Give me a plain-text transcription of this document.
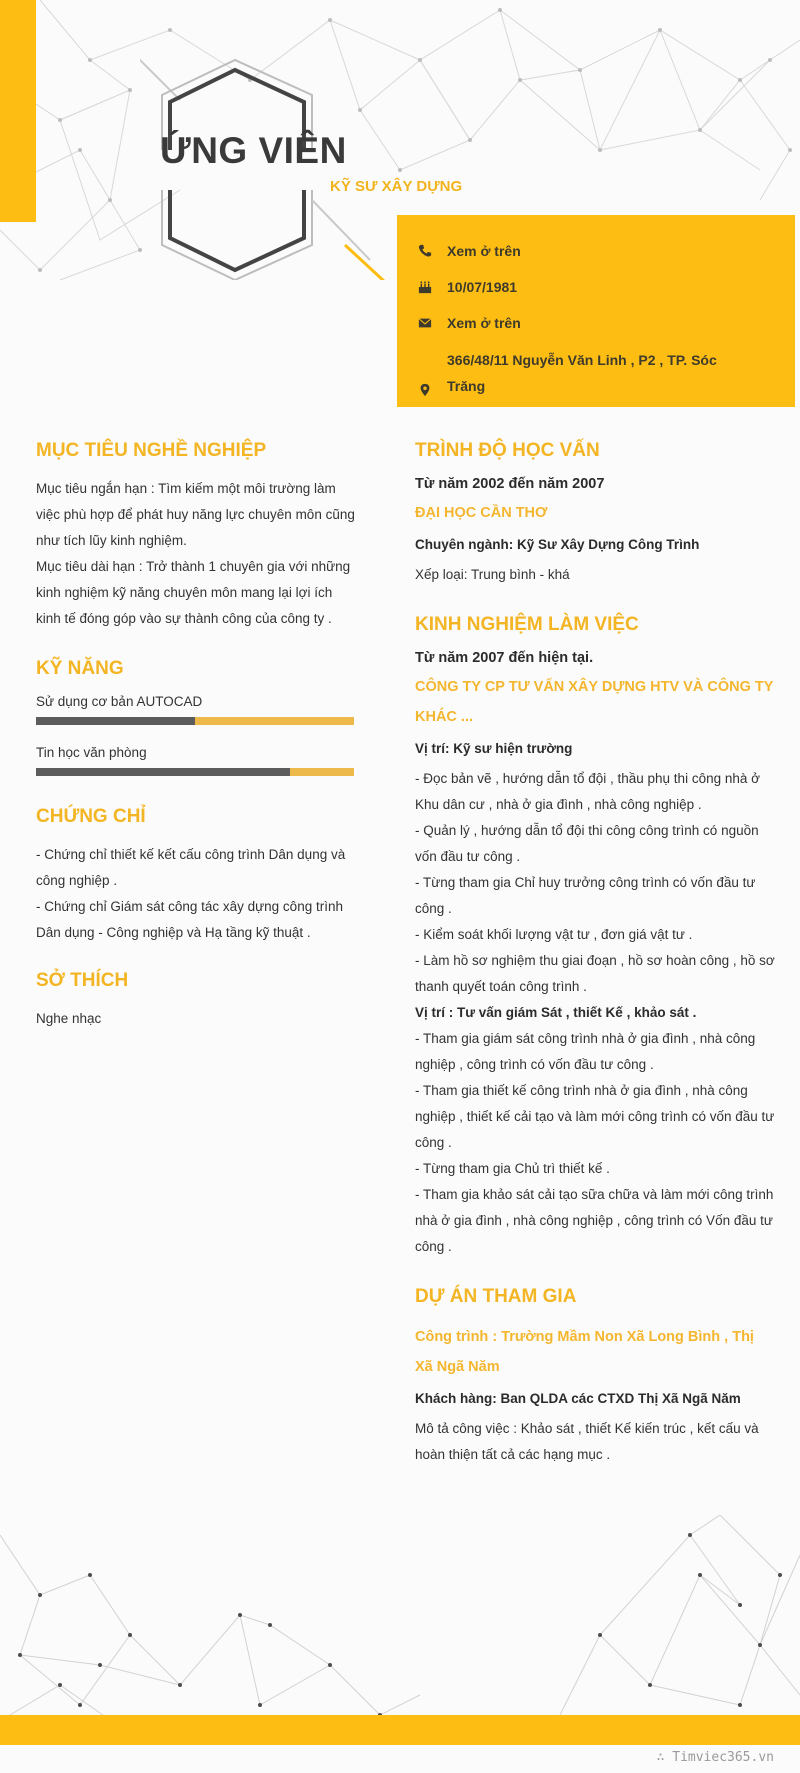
ỨNG VIÊN
KỸ SƯ XÂY DỰNG
Xem ở trên
10/07/1981
Xem ở trên
366/48/11 Nguyễn Văn Linh , P2 , TP. Sóc Trăng
MỤC TIÊU NGHỀ NGHIỆP
Mục tiêu ngắn hạn : Tìm kiếm một môi trường làm việc phù hợp để phát huy năng lực chuyên môn cũng như tích lũy kinh nghiệm.
Mục tiêu dài hạn : Trở thành 1 chuyên gia với những kinh nghiệm kỹ năng chuyên môn mang lại lợi ích kinh tế đóng góp vào sự thành công của công ty .
KỸ NĂNG
Sử dụng cơ bản AUTOCAD
Tin học văn phòng
CHỨNG CHỈ
- Chứng chỉ thiết kế kết cấu công trình Dân dụng và công nghiệp .
- Chứng chỉ Giám sát công tác xây dựng công trình Dân dụng - Công nghiệp và Hạ tầng kỹ thuật .
SỞ THÍCH
Nghe nhạc
TRÌNH ĐỘ HỌC VẤN
Từ năm 2002 đến năm 2007
ĐẠI HỌC CẦN THƠ
Chuyên ngành: Kỹ Sư Xây Dựng Công Trình
Xếp loại: Trung bình - khá
KINH NGHIỆM LÀM VIỆC
Từ năm 2007 đến hiện tại.
CÔNG TY CP TƯ VẤN XÂY DỰNG HTV VÀ CÔNG TY KHÁC ...
Vị trí: Kỹ sư hiện trường
- Đọc bản vẽ , hướng dẫn tổ đội , thầu phụ thi công nhà ở Khu dân cư , nhà ở gia đình , nhà công nghiệp .
- Quản lý , hướng dẫn tổ đội thi công công trình có nguồn vốn đầu tư công .
- Từng tham gia Chỉ huy trưởng công trình có vốn đầu tư công .
- Kiểm soát khối lượng vật tư , đơn giá vật tư .
- Làm hồ sơ nghiệm thu giai đoạn , hồ sơ hoàn công , hồ sơ thanh quyết toán công trình .
Vị trí : Tư vấn giám Sát , thiết Kế , khảo sát .
- Tham gia giám sát công trình nhà ở gia đình , nhà công nghiệp , công trình có vốn đầu tư công .
- Tham gia thiết kế công trình nhà ở gia đình , nhà công nghiệp , thiết kế cải tạo và làm mới công trình có vốn đầu tư công .
- Từng tham gia Chủ trì thiết kế .
- Tham gia khảo sát cải tạo sữa chữa và làm mới công trình nhà ở gia đình , nhà công nghiệp , công trình có Vốn đầu tư công .
DỰ ÁN THAM GIA
Công trình : Trường Mầm Non Xã Long Bình , Thị Xã Ngã Năm
Khách hàng: Ban QLDA các CTXD Thị Xã Ngã Năm
Mô tả công việc : Khảo sát , thiết Kế kiến trúc , kết cấu và hoàn thiện tất cả các hạng mục .
∴ Timviec365.vn
